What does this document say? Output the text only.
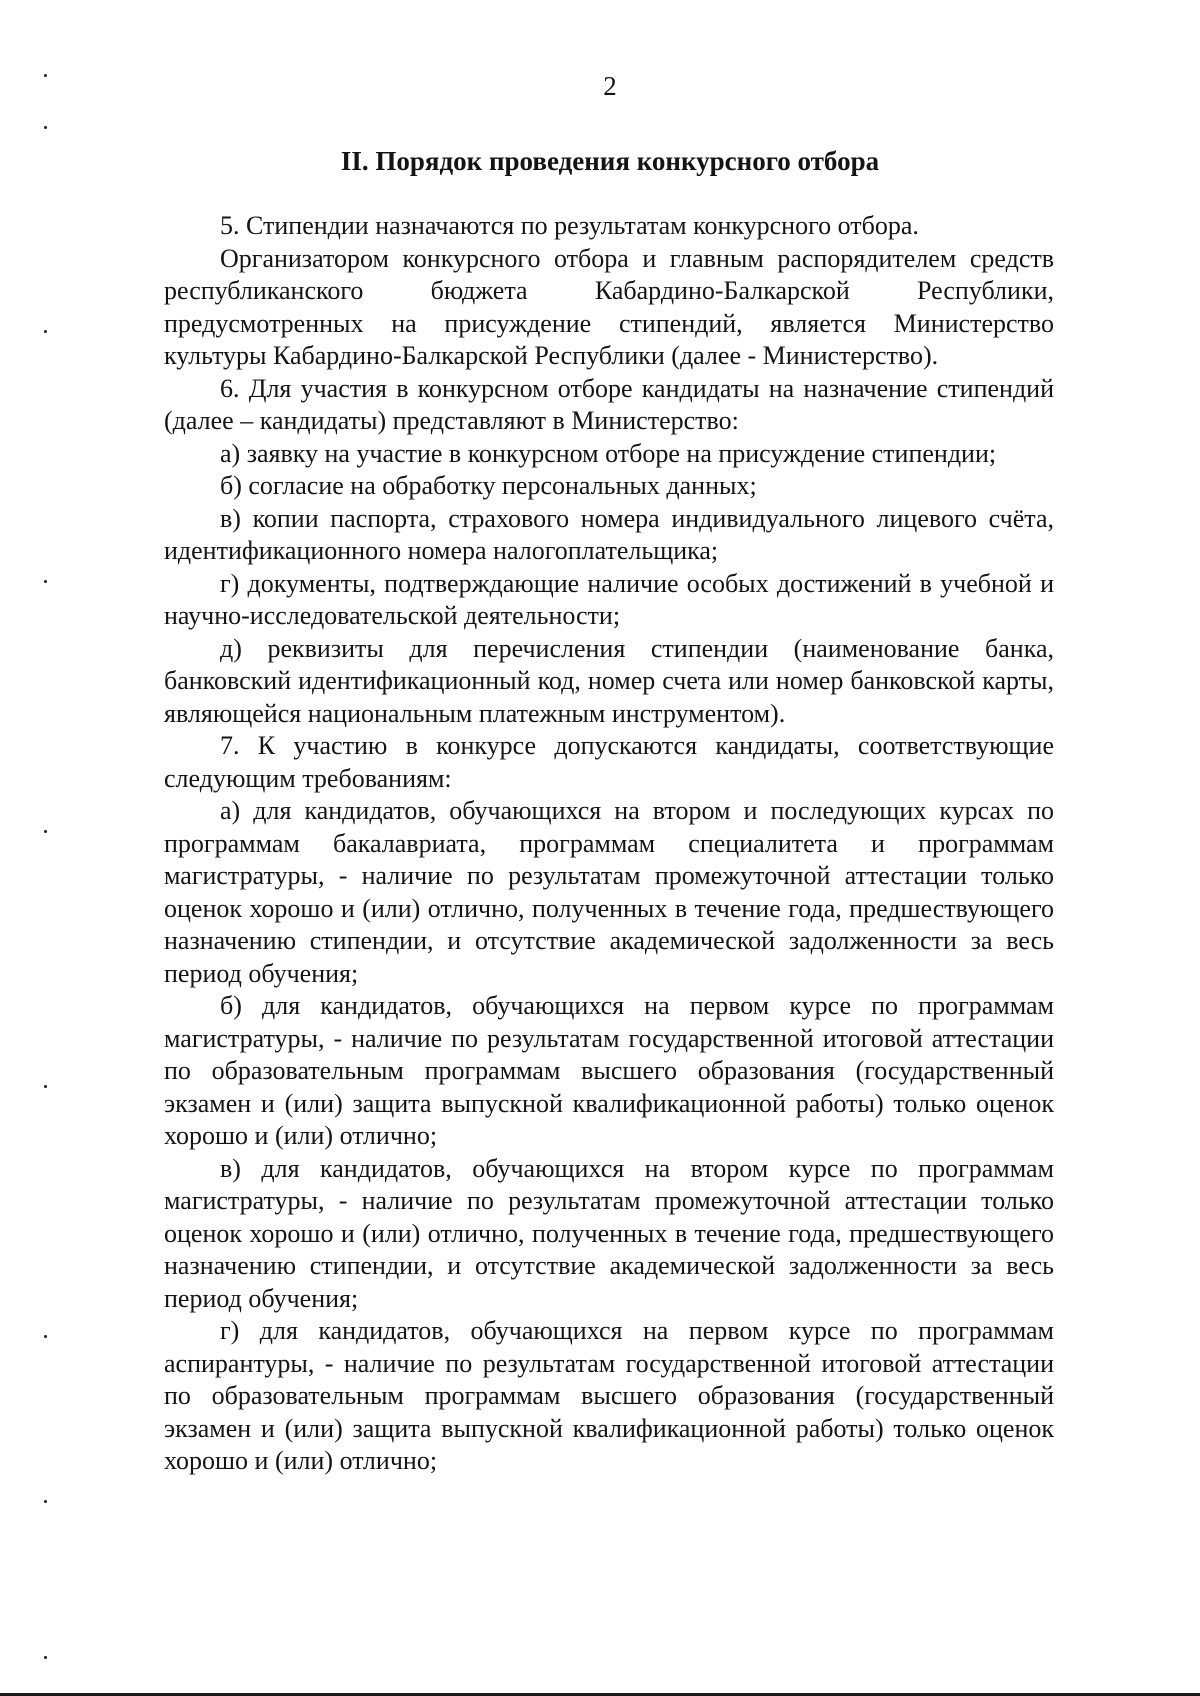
2
II. Порядок проведения конкурсного отбора

5. Стипендии назначаются по результатам конкурсного отбора.

Организатором конкурсного отбора и главным распорядителем средств республиканского бюджета Кабардино-Балкарской Республики, предусмотренных на присуждение стипендий, является Министерство культуры Кабардино-Балкарской Республики (далее - Министерство).

6. Для участия в конкурсном отборе кандидаты на назначение стипендий (далее – кандидаты) представляют в Министерство:

а) заявку на участие в конкурсном отборе на присуждение стипендии;

б) согласие на обработку персональных данных;

в) копии паспорта, страхового номера индивидуального лицевого счёта, идентификационного номера налогоплательщика;

г) документы, подтверждающие наличие особых достижений в учебной и научно-исследовательской деятельности;

д) реквизиты для перечисления стипендии (наименование банка, банковский идентификационный код, номер счета или номер банковской карты, являющейся национальным платежным инструментом).

7. К участию в конкурсе допускаются кандидаты, соответствующие следующим требованиям:

а) для кандидатов, обучающихся на втором и последующих курсах по программам бакалавриата, программам специалитета и программам магистратуры, - наличие по результатам промежуточной аттестации только оценок хорошо и (или) отлично, полученных в течение года, предшествующего назначению стипендии, и отсутствие академической задолженности за весь период обучения;

б) для кандидатов, обучающихся на первом курсе по программам магистратуры, - наличие по результатам государственной итоговой аттестации по образовательным программам высшего образования (государственный экзамен и (или) защита выпускной квалификационной работы) только оценок хорошо и (или) отлично;

в) для кандидатов, обучающихся на втором курсе по программам магистратуры, - наличие по результатам промежуточной аттестации только оценок хорошо и (или) отлично, полученных в течение года, предшествующего назначению стипендии, и отсутствие академической задолженности за весь период обучения;

г) для кандидатов, обучающихся на первом курсе по программам аспирантуры, - наличие по результатам государственной итоговой аттестации по образовательным программам высшего образования (государственный экзамен и (или) защита выпускной квалификационной работы) только оценок хорошо и (или) отлично;
